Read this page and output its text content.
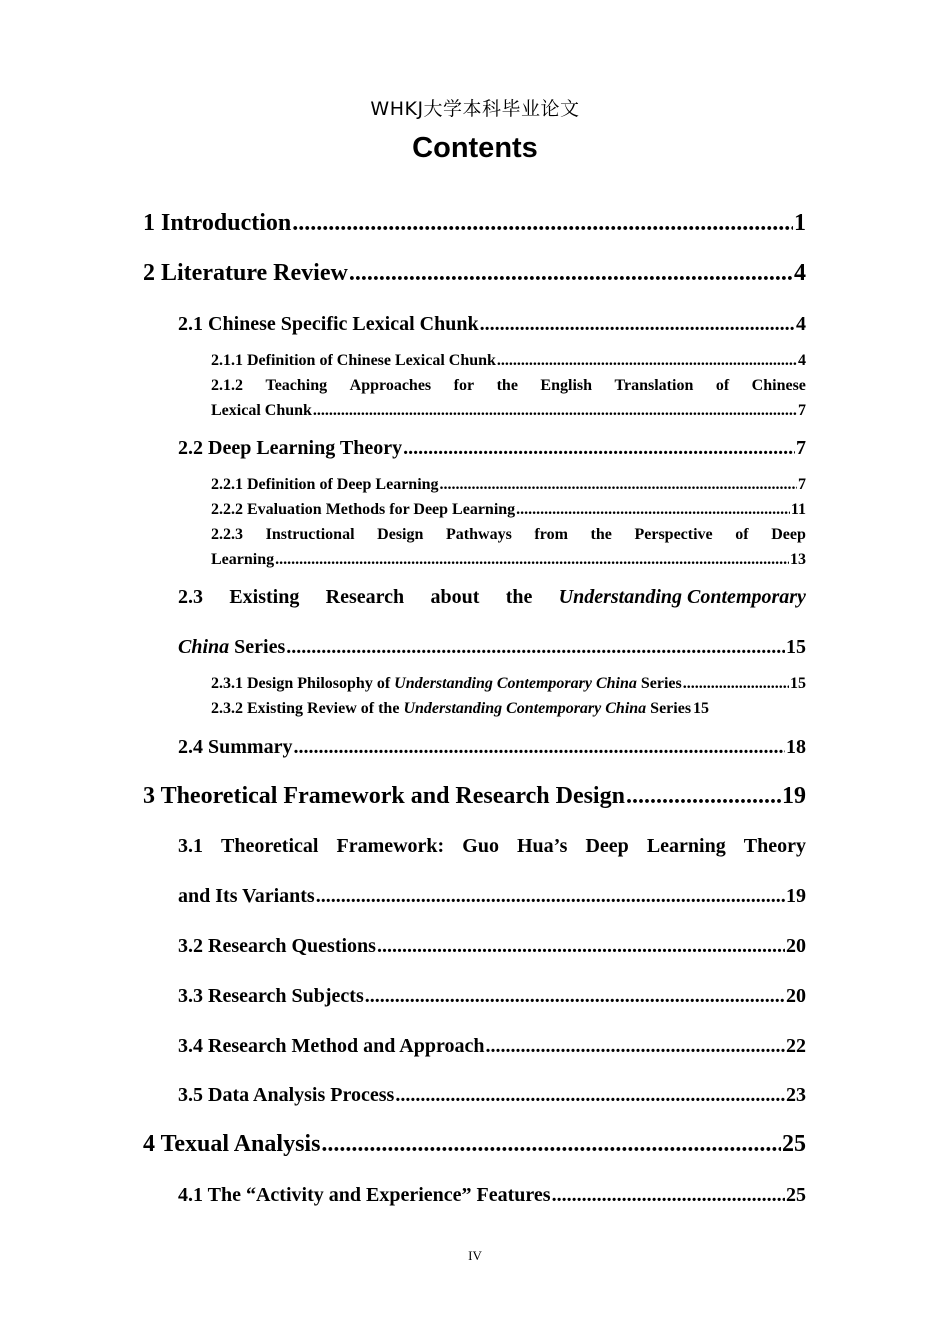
WHKJ大学本科毕业论文
Contents
1 Introduction .....	1
2 Literature Review .....	4
2.1 Chinese Specific Lexical Chunk .....	4
2.1.1 Definition of Chinese Lexical Chunk .....	4
2.1.2 Teaching Approaches for the English Translation of Chinese
Lexical Chunk .....	7
2.2 Deep Learning Theory .....	7
2.2.1 Definition of Deep Learning .....	7
2.2.2 Evaluation Methods for Deep Learning .....	11
2.2.3 Instructional Design Pathways from the Perspective of Deep
Learning .....	13
2.3 Existing Research about the Understanding Contemporary
China Series .....	15
2.3.1 Design Philosophy of Understanding Contemporary China Series .....	15
2.3.2 Existing Review of the Understanding Contemporary China Series 15
2.4 Summary .....	18
3 Theoretical Framework and Research Design .....	19
3.1 Theoretical Framework: Guo Hua’s Deep Learning Theory
and Its Variants .....	19
3.2 Research Questions .....	20
3.3 Research Subjects .....	20
3.4 Research Method and Approach .....	22
3.5 Data Analysis Process .....	23
4 Texual Analysis .....	25
4.1 The “Activity and Experience” Features .....	25
IV
